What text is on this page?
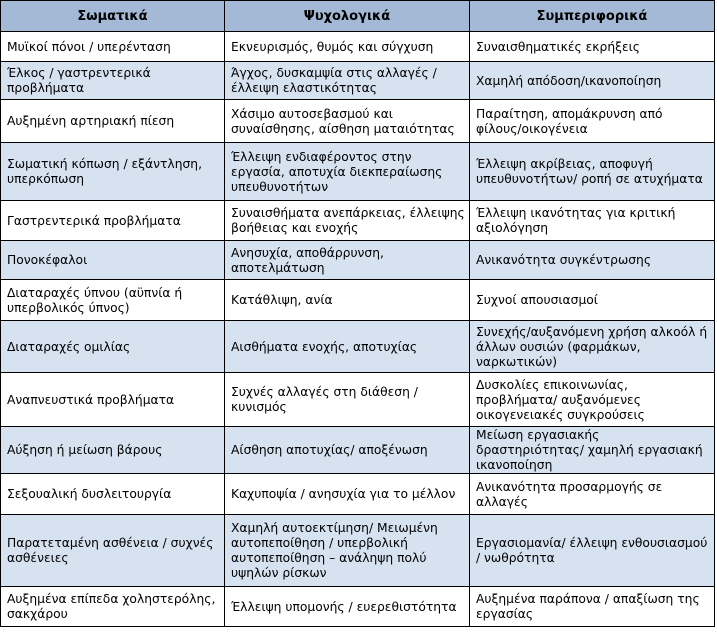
Σωματικά	Ψυχολογικά	Συμπεριφορικά
Μυϊκοί πόνοι / υπερένταση	Εκνευρισμός, θυμός και σύγχυση	Συναισθηματικές εκρήξεις
Έλκος / γαστρεντερικά προβλήματα	Άγχος, δυσκαμψία στις αλλαγές / έλλειψη ελαστικότητας	Χαμηλή απόδοση/ικανοποίηση
Αυξημένη αρτηριακή πίεση	Χάσιμο αυτοσεβασμού και συναίσθησης, αίσθηση ματαιότητας	Παραίτηση, απομάκρυνση από φίλους/οικογένεια
Σωματική κόπωση / εξάντληση, υπερκόπωση	Έλλειψη ενδιαφέροντος στην εργασία, αποτυχία διεκπεραίωσης υπευθυνοτήτων	Έλλειψη ακρίβειας, αποφυγή υπευθυνοτήτων/ ροπή σε ατυχήματα
Γαστρεντερικά προβλήματα	Συναισθήματα ανεπάρκειας, έλλειψης βοήθειας και ενοχής	Έλλειψη ικανότητας για κριτική αξιολόγηση
Πονοκέφαλοι	Ανησυχία, αποθάρρυνση, αποτελμάτωση	Ανικανότητα συγκέντρωσης
Διαταραχές ύπνου (αϋπνία ή υπερβολικός ύπνος)	Κατάθλιψη, ανία	Συχνοί απουσιασμοί
Διαταραχές ομιλίας	Αισθήματα ενοχής, αποτυχίας	Συνεχής/αυξανόμενη χρήση αλκοόλ ή άλλων ουσιών (φαρμάκων, ναρκωτικών)
Αναπνευστικά προβλήματα	Συχνές αλλαγές στη διάθεση / κυνισμός	Δυσκολίες επικοινωνίας, προβλήματα/ αυξανόμενες οικογενειακές συγκρούσεις
Αύξηση ή μείωση βάρους	Αίσθηση αποτυχίας/ αποξένωση	Μείωση εργασιακής δραστηριότητας/ χαμηλή εργασιακή ικανοποίηση
Σεξουαλική δυσλειτουργία	Καχυποψία / ανησυχία για το μέλλον	Ανικανότητα προσαρμογής σε αλλαγές
Παρατεταμένη ασθένεια / συχνές ασθένειες	Χαμηλή αυτοεκτίμηση/ Μειωμένη αυτοπεποίθηση / υπερβολική αυτοπεποίθηση – ανάληψη πολύ υψηλών ρίσκων	Εργασιομανία/ έλλειψη ενθουσιασμού / νωθρότητα
Αυξημένα επίπεδα χοληστερόλης, σακχάρου	Έλλειψη υπομονής / ευερεθιστότητα	Αυξημένα παράπονα / απαξίωση της εργασίας
